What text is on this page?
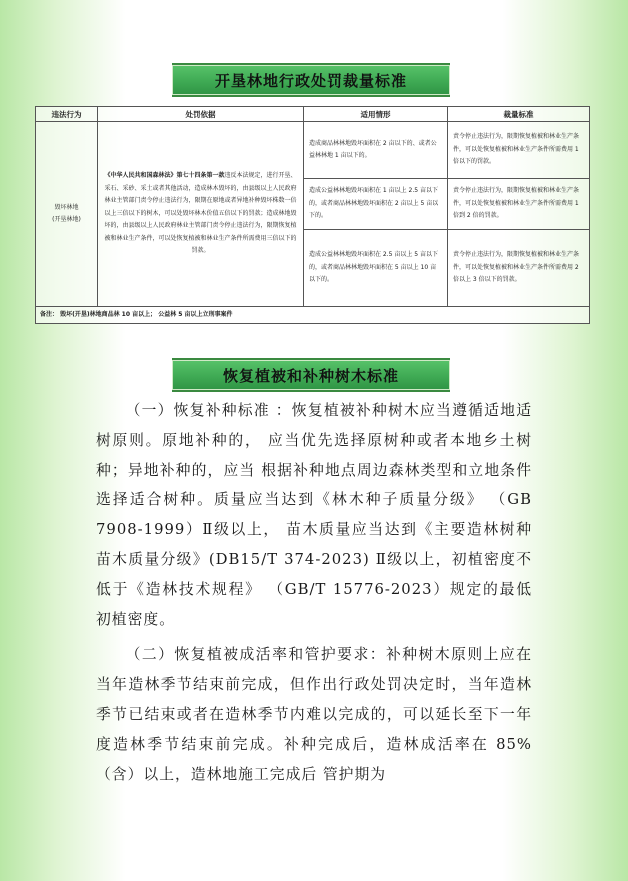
开垦林地行政处罚裁量标准
违法行为	处罚依据	适用情形	裁量标准
毁坏林地
(开垦林地)	《中华人民共和国森林法》第七十四条第一款违反本法规定，进行开垦、采石、采砂、采土或者其他活动，造成林木毁坏的，由县级以上人民政府林业主管部门责令停止违法行为，限期在原地或者异地补种毁坏株数一倍以上三倍以下的树木，可以处毁坏林木价值五倍以下的罚款；造成林地毁坏的，由县级以上人民政府林业主管部门责令停止违法行为，限期恢复植被和林业生产条件，可以处恢复植被和林业生产条件所需费用三倍以下的罚款。	造成商品林林地毁坏面积在 2 亩以下的、或者公益林林地 1 亩以下的。	责令停止违法行为，限期恢复植被和林业生产条件，可以处恢复植被和林业生产条件所需费用 1 倍以下的罚款。
		造成公益林林地毁坏面积在 1 亩以上 2.5 亩以下的，或者商品林林地毁坏面积在 2 亩以上 5 亩以下的。	责令停止违法行为，限期恢复植被和林业生产条件，可以处恢复植被和林业生产条件所需费用 1 倍到 2 倍的罚款。
		造成公益林林地毁坏面积在 2.5 亩以上 5 亩以下的，或者商品林林地毁坏面积在 5 亩以上 10 亩以下的。	责令停止违法行为，限期恢复植被和林业生产条件，可以处恢复植被和林业生产条件所需费用 2 倍以上 3 倍以下的罚款。
备注： 毁坏(开垦)林地商品林 10 亩以上； 公益林 5 亩以上立刑事案件			
恢复植被和补种树木标准

（一）恢复补种标准 ：恢复植被补种树木应当遵循适地适树原则。原地补种的， 应当优先选择原树种或者本地乡土树种；异地补种的，应当 根据补种地点周边森林类型和立地条件选择适合树种。质量应当达到《林木种子质量分级》 （GB 7908-1999）Ⅱ级以上， 苗木质量应当达到《主要造林树种苗木质量分级》(DB15/T 374-2023) Ⅱ级以上，初植密度不低于《造林技术规程》 （GB/T 15776-2023）规定的最低初植密度。

（二）恢复植被成活率和管护要求：补种树木原则上应在当年造林季节结束前完成，但作出行政处罚决定时，当年造林季节已结束或者在造林季节内难以完成的，可以延长至下一年度造林季节结束前完成。补种完成后，造林成活率在 85%（含）以上，造林地施工完成后 管护期为
